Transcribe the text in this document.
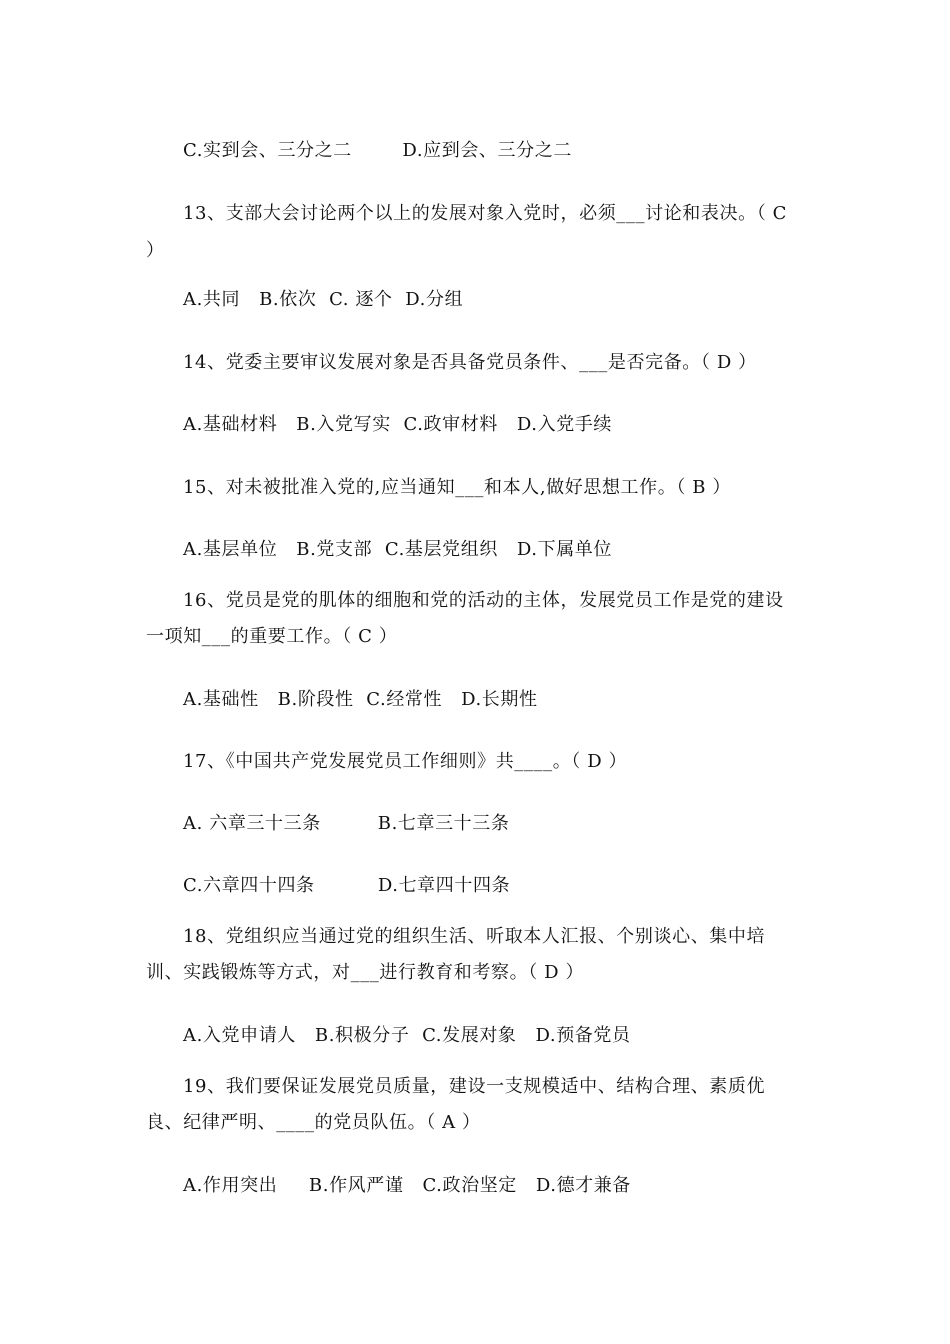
C.实到会、三分之二        D.应到会、三分之二
13、支部大会讨论两个以上的发展对象入党时，必须___讨论和表决。（ C
）
A.共同   B.依次  C. 逐个  D.分组
14、党委主要审议发展对象是否具备党员条件、___是否完备。（ D ）
A.基础材料   B.入党写实  C.政审材料   D.入党手续
15、对未被批准入党的,应当通知___和本人,做好思想工作。（ B ）
A.基层单位   B.党支部  C.基层党组织   D.下属单位
16、党员是党的肌体的细胞和党的活动的主体，发展党员工作是党的建设
一项知___的重要工作。（ C ）
A.基础性   B.阶段性  C.经常性   D.长期性
17、《中国共产党发展党员工作细则》共____。（ D ）
A. 六章三十三条         B.七章三十三条
C.六章四十四条          D.七章四十四条
18、党组织应当通过党的组织生活、听取本人汇报、个别谈心、集中培
训、实践锻炼等方式，对___进行教育和考察。（ D ）
A.入党申请人   B.积极分子  C.发展对象   D.预备党员
19、我们要保证发展党员质量，建设一支规模适中、结构合理、素质优
良、纪律严明、____的党员队伍。（ A ）
A.作用突出     B.作风严谨   C.政治坚定   D.德才兼备
